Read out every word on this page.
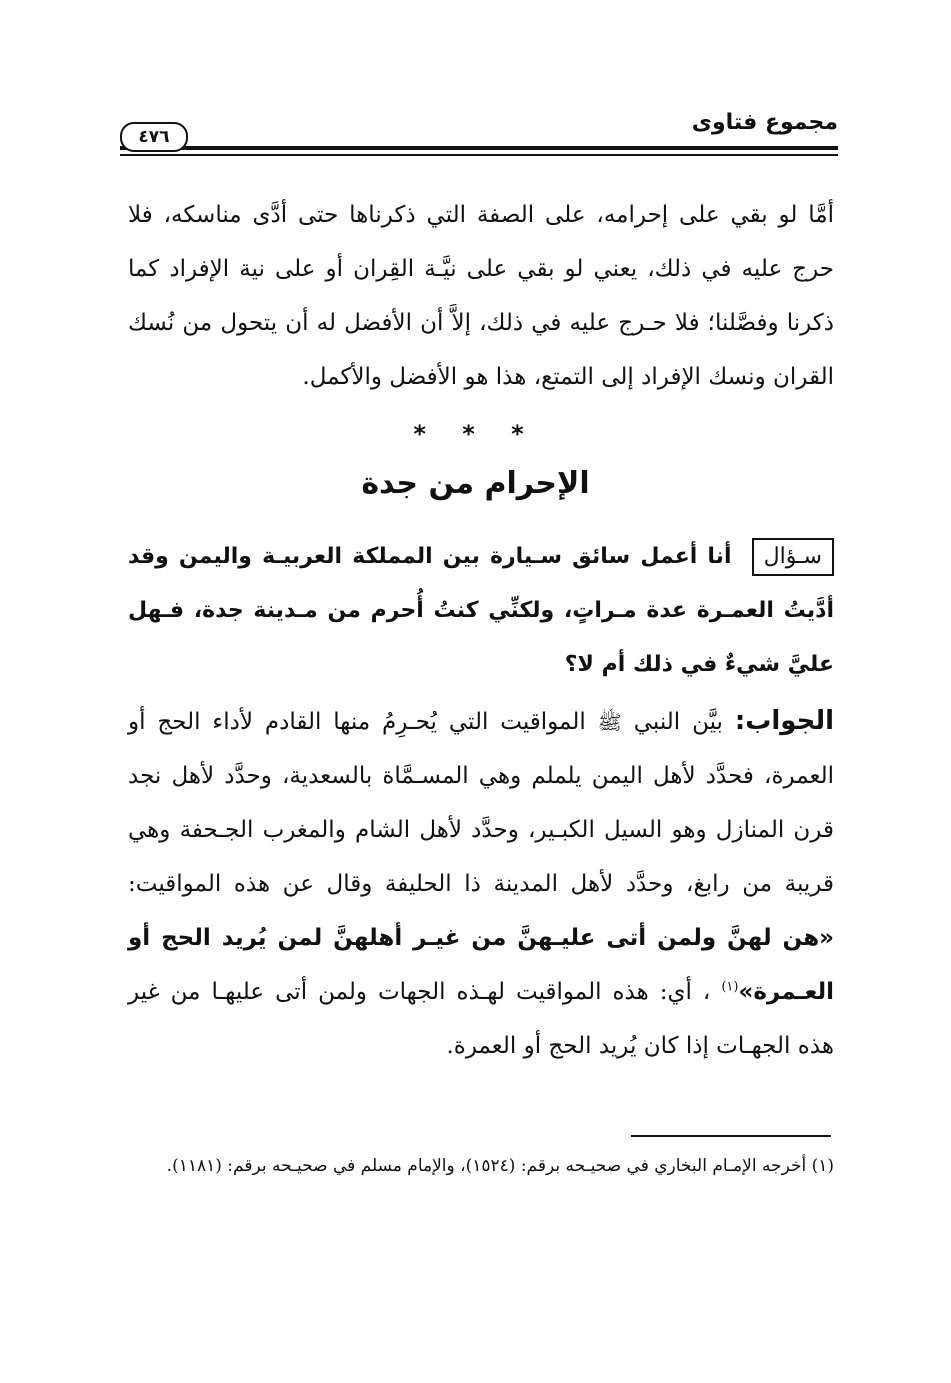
مجموع فتاوى
٤٧٦
أمَّا لو بقي على إحرامه، على الصفة التي ذكرناها حتى أدَّى مناسكه، فلا حرج عليه في ذلك، يعني لو بقي على نيَّـة القِران أو على نية الإفراد كما ذكرنا وفصَّلنا؛ فلا حـرج عليه في ذلك، إلاَّ أن الأفضل له أن يتحول من نُسك القران ونسك الإفراد إلى التمتع، هذا هو الأفضل والأكمل.
* * *
الإحرام من جدة
سـؤال أنا أعمل سائق سـيارة بين المملكة العربيـة واليمن وقد أدَّيتُ العمـرة عدة مـراتٍ، ولكنِّي كنتُ أُحرم من مـدينة جدة، فـهل عليَّ شيءٌ في ذلك أم لا؟
الجواب: بيَّن النبي ﷺ المواقيت التي يُحـرِمُ منها القادم لأداء الحج أو العمرة، فحدَّد لأهل اليمن يلملم وهي المسـمَّاة بالسعدية، وحدَّد لأهل نجد قرن المنازل وهو السيل الكبـير، وحدَّد لأهل الشام والمغرب الجـحفة وهي قريبة من رابغ، وحدَّد لأهل المدينة ذا الحليفة وقال عن هذه المواقيت: «هن لهنَّ ولمن أتى عليـهنَّ من غيـر أهلهنَّ لمن يُريد الحج أو العـمرة»$^{(١)}$ ، أي: هذه المواقيت لهـذه الجهات ولمن أتى عليهـا من غير هذه الجهـات إذا كان يُريد الحج أو العمرة.
(١) أخرجه الإمـام البخاري في صحيـحه برقم: (١٥٢٤)، والإمام مسلم في صحيـحه برقم: (١١٨١).
